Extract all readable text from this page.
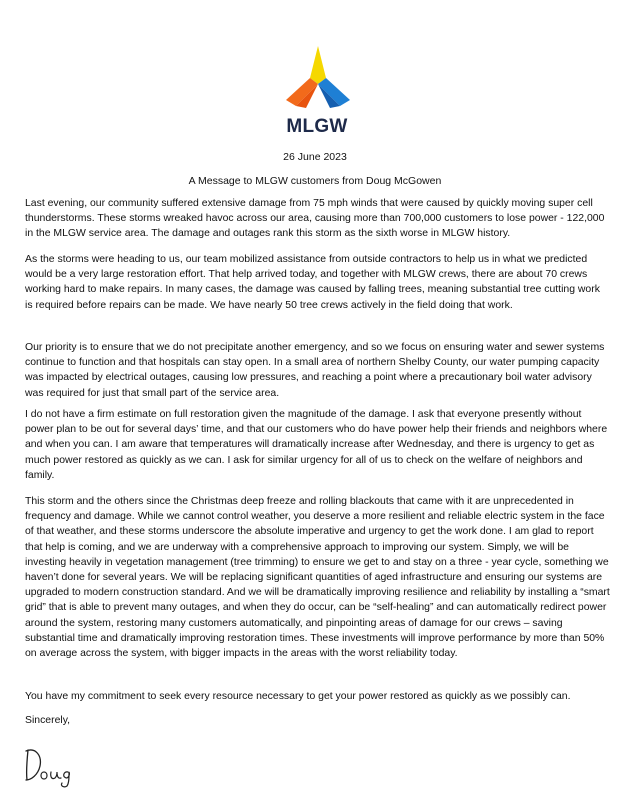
MLGW
26 June 2023
A Message to MLGW customers from Doug McGowen

Last evening, our community suffered extensive damage from 75 mph winds that were caused by quickly moving super cell thunderstorms. These storms wreaked havoc across our area, causing more than 700,000 customers to lose power - 122,000 in the MLGW service area. The damage and outages rank this storm as the sixth worse in MLGW history.

As the storms were heading to us, our team mobilized assistance from outside contractors to help us in what we predicted would be a very large restoration effort. That help arrived today, and together with MLGW crews, there are about 70 crews working hard to make repairs. In many cases, the damage was caused by falling trees, meaning substantial tree cutting work is required before repairs can be made. We have nearly 50 tree crews actively in the field doing that work.

Our priority is to ensure that we do not precipitate another emergency, and so we focus on ensuring water and sewer systems continue to function and that hospitals can stay open. In a small area of northern Shelby County, our water pumping capacity was impacted by electrical outages, causing low pressures, and reaching a point where a precautionary boil water advisory was required for just that small part of the service area.

I do not have a firm estimate on full restoration given the magnitude of the damage. I ask that everyone presently without power plan to be out for several days’ time, and that our customers who do have power help their friends and neighbors where and when you can. I am aware that temperatures will dramatically increase after Wednesday, and there is urgency to get as much power restored as quickly as we can. I ask for similar urgency for all of us to check on the welfare of neighbors and family.

This storm and the others since the Christmas deep freeze and rolling blackouts that came with it are unprecedented in frequency and damage. While we cannot control weather, you deserve a more resilient and reliable electric system in the face of that weather, and these storms underscore the absolute imperative and urgency to get the work done. I am glad to report that help is coming, and we are underway with a comprehensive approach to improving our system. Simply, we will be investing heavily in vegetation management (tree trimming) to ensure we get to and stay on a three - year cycle, something we haven’t done for several years. We will be replacing significant quantities of aged infrastructure and ensuring our systems are upgraded to modern construction standard. And we will be dramatically improving resilience and reliability by installing a “smart grid” that is able to prevent many outages, and when they do occur, can be “self-healing” and can automatically redirect power around the system, restoring many customers automatically, and pinpointing areas of damage for our crews – saving substantial time and dramatically improving restoration times. These investments will improve performance by more than 50% on average across the system, with bigger impacts in the areas with the worst reliability today.

You have my commitment to seek every resource necessary to get your power restored as quickly as we possibly can.

Sincerely,
